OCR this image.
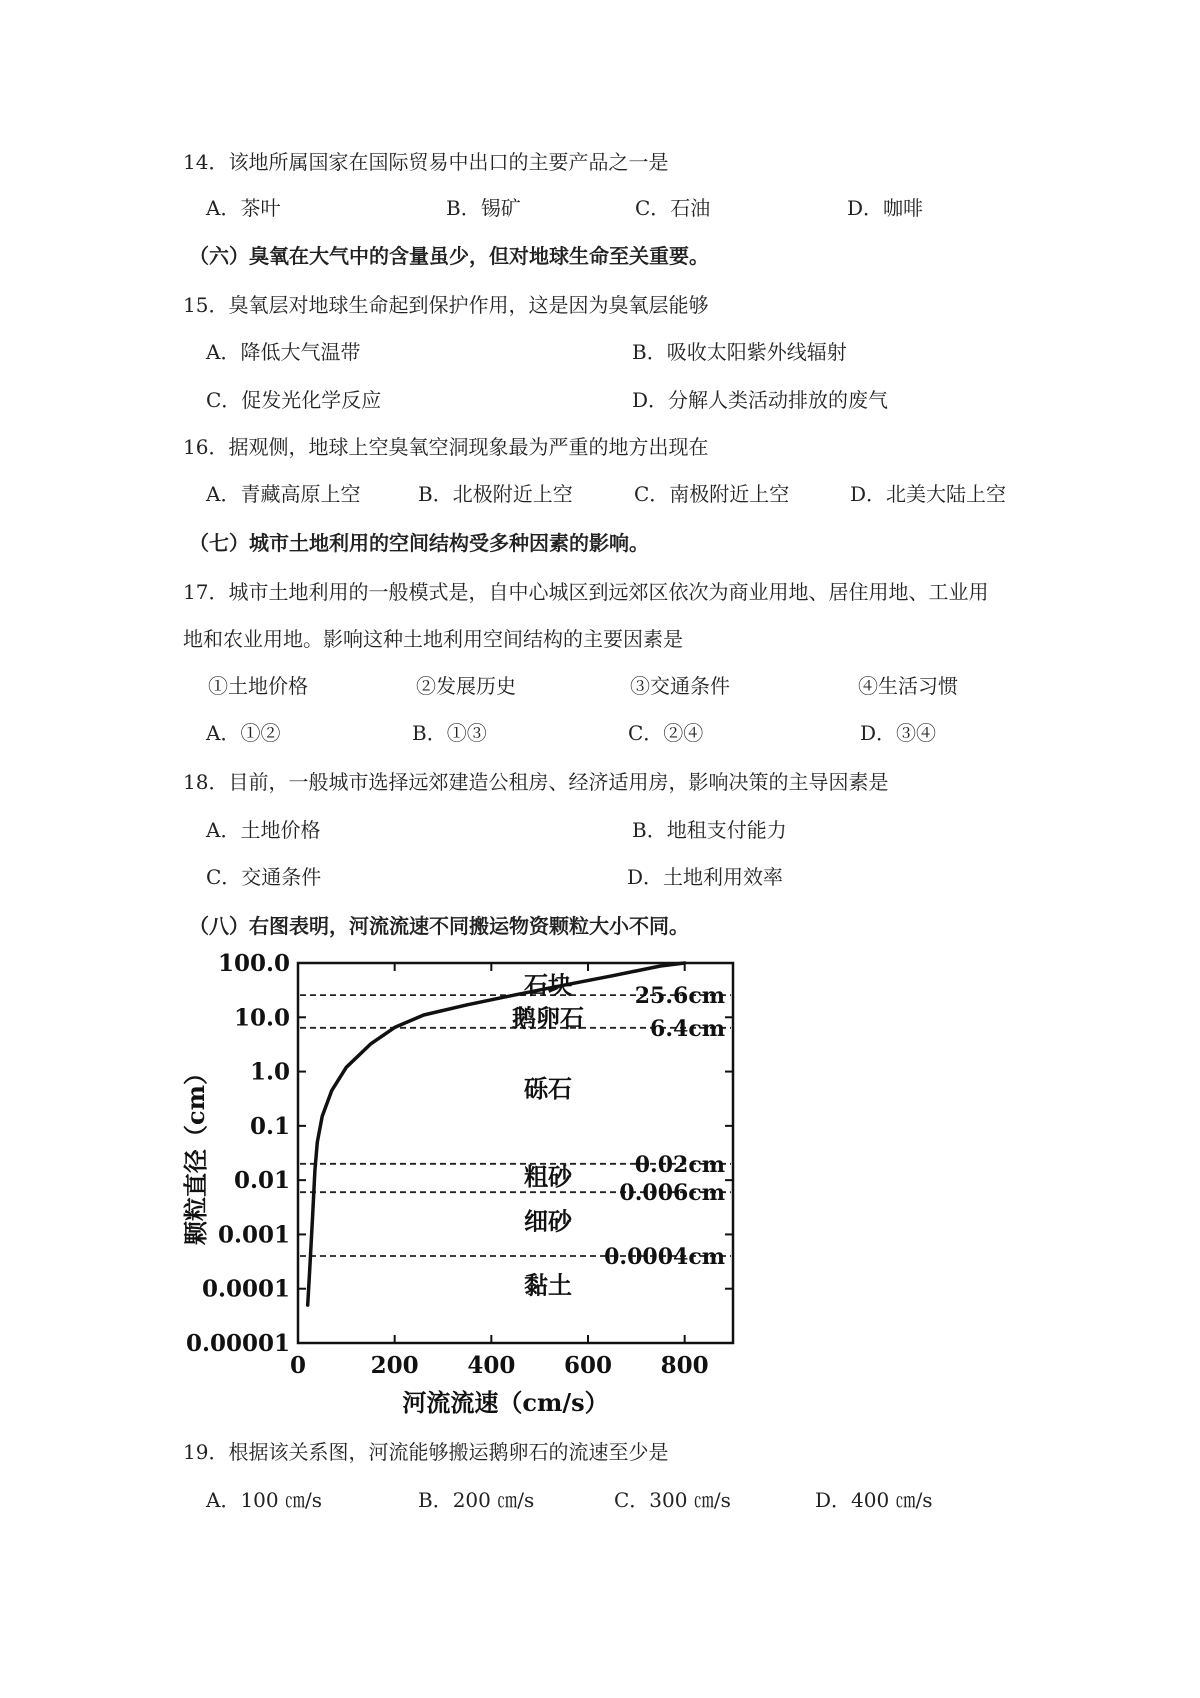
14．该地所属国家在国际贸易中出口的主要产品之一是
A．茶叶	B．锡矿	C．石油	D．咖啡
（六）臭氧在大气中的含量虽少，但对地球生命至关重要。
15．臭氧层对地球生命起到保护作用，这是因为臭氧层能够
A．降低大气温带	B．吸收太阳紫外线辐射
C．促发光化学反应	D．分解人类活动排放的废气
16．据观侧，地球上空臭氧空洞现象最为严重的地方出现在
A．青藏高原上空	B．北极附近上空	C．南极附近上空	D．北美大陆上空
（七）城市土地利用的空间结构受多种因素的影响。
17．城市土地利用的一般模式是，自中心城区到远郊区依次为商业用地、居住用地、工业用
地和农业用地。影响这种土地利用空间结构的主要因素是
①土地价格	②发展历史	③交通条件	④生活习惯
A．①②	B．①③	C．②④	D．③④
18．目前，一般城市选择远郊建造公租房、经济适用房，影响决策的主导因素是
A．土地价格	B．地租支付能力
C．交通条件	D．土地利用效率
（八）右图表明，河流流速不同搬运物资颗粒大小不同。
0.00001
0.0001
0.001
0.01
0.1
1.0
10.0
100.0
0	200 400 600 800
河流流速（cm/s）
颗粒直径（cm）
25.6cm
6.4cm
0.02cm
0.006cm
0.0004cm
石块
鹅卵石
砾石
粗砂
细砂
黏土
19．根据该关系图，河流能够搬运鹅卵石的流速至少是
A．100 ㎝/s	B．200 ㎝/s	C．300 ㎝/s	D．400 ㎝/s
